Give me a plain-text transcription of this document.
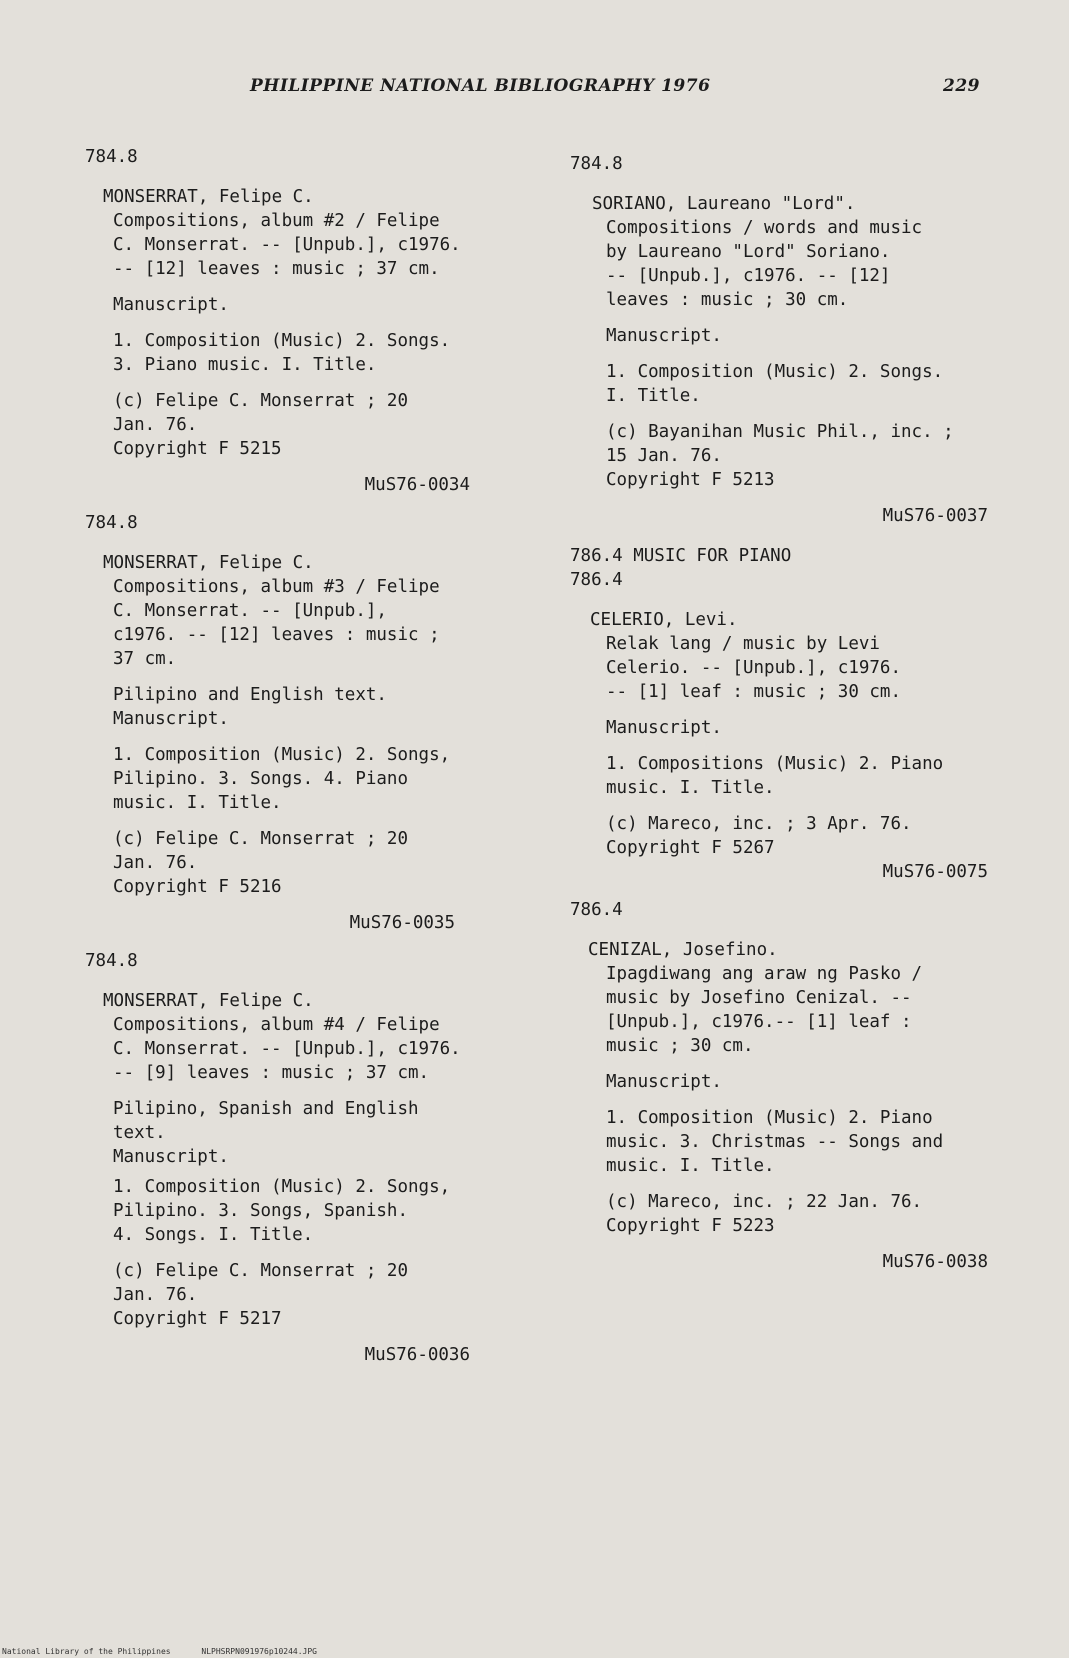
PHILIPPINE NATIONAL BIBLIOGRAPHY 1976	229
784.8
MONSERRAT, Felipe C.
Compositions, album #2 / Felipe
C. Monserrat. -- [Unpub.], c1976.
-- [12] leaves : music ; 37 cm.
Manuscript.
1. Composition (Music) 2. Songs.
3. Piano music. I. Title.
(c) Felipe C. Monserrat ; 20
Jan. 76.
Copyright F 5215
MuS76-0034
784.8
MONSERRAT, Felipe C.
Compositions, album #3 / Felipe
C. Monserrat. -- [Unpub.],
c1976. -- [12] leaves : music ;
37 cm.
Pilipino and English text.
Manuscript.
1. Composition (Music) 2. Songs,
Pilipino. 3. Songs. 4. Piano
music. I. Title.
(c) Felipe C. Monserrat ; 20
Jan. 76.
Copyright F 5216
MuS76-0035
784.8
MONSERRAT, Felipe C.
Compositions, album #4 / Felipe
C. Monserrat. -- [Unpub.], c1976.
-- [9] leaves : music ; 37 cm.
Pilipino, Spanish and English
text.
Manuscript.
1. Composition (Music) 2. Songs,
Pilipino. 3. Songs, Spanish.
4. Songs. I. Title.
(c) Felipe C. Monserrat ; 20
Jan. 76.
Copyright F 5217
MuS76-0036
784.8
SORIANO, Laureano "Lord".
Compositions / words and music
by Laureano "Lord" Soriano.
-- [Unpub.], c1976. -- [12]
leaves : music ; 30 cm.
Manuscript.
1. Composition (Music) 2. Songs.
I. Title.
(c) Bayanihan Music Phil., inc. ;
15 Jan. 76.
Copyright F 5213
MuS76-0037
786.4 MUSIC FOR PIANO
786.4
CELERIO, Levi.
Relak lang / music by Levi
Celerio. -- [Unpub.], c1976.
-- [1] leaf : music ; 30 cm.
Manuscript.
1. Compositions (Music) 2. Piano
music. I. Title.
(c) Mareco, inc. ; 3 Apr. 76.
Copyright F 5267
MuS76-0075
786.4
CENIZAL, Josefino.
Ipagdiwang ang araw ng Pasko /
music by Josefino Cenizal. --
[Unpub.], c1976.-- [1] leaf :
music ; 30 cm.
Manuscript.
1. Composition (Music) 2. Piano
music. 3. Christmas -- Songs and
music. I. Title.
(c) Mareco, inc. ; 22 Jan. 76.
Copyright F 5223
MuS76-0038
National Library of the Philippines	NLPHSRPN091976p10244.JPG
